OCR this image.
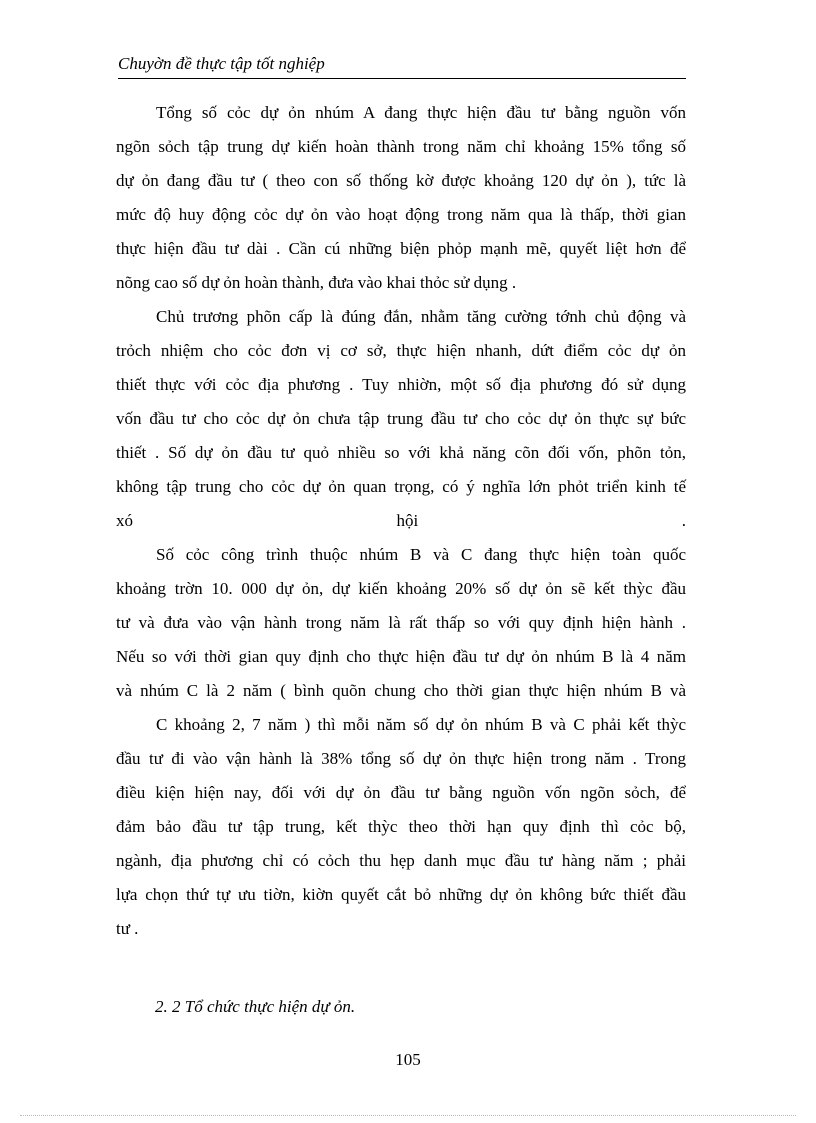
Chuyờn đề thực tập tốt nghiệp
Tổng số cỏc dự ỏn nhúm A đang thực hiện đầu tư bằng nguồn vốn
ngõn sỏch tập trung dự kiến hoàn thành trong năm chỉ khoảng 15% tổng số
dự ỏn đang đầu tư ( theo con số thống kờ được khoảng 120 dự ỏn ), tức là
mức độ huy động cỏc dự ỏn vào hoạt động trong năm qua là thấp, thời gian
thực hiện đầu tư dài . Cần cú những biện phỏp mạnh mẽ, quyết liệt hơn để
nõng cao số dự ỏn hoàn thành, đưa vào khai thỏc sử dụng .
Chủ trương phõn cấp là đúng đắn, nhằm tăng cường tớnh chủ động và
trỏch nhiệm cho cỏc đơn vị cơ sở, thực hiện nhanh, dứt điểm cỏc dự ỏn
thiết thực với cỏc địa phương . Tuy nhiờn, một số địa phương đó sử dụng
vốn đầu tư cho cỏc dự ỏn chưa tập trung đầu tư cho cỏc dự ỏn thực sự bức
thiết . Số dự ỏn đầu tư quỏ nhiều so với khả năng cõn đối vốn, phõn tỏn,
không tập trung cho cỏc dự ỏn quan trọng, có ý nghĩa lớn phỏt triển kinh tế
xó hội .
Số cỏc công trình thuộc nhúm B và C đang thực hiện toàn quốc
khoảng trờn 10. 000 dự ỏn, dự kiến khoảng 20% số dự ỏn sẽ kết thỳc đầu
tư và đưa vào vận hành trong năm là rất thấp so với quy định hiện hành .
Nếu so với thời gian quy định cho thực hiện đầu tư dự ỏn nhúm B là 4 năm
và nhúm C là 2 năm ( bình quõn chung cho thời gian thực hiện nhúm B và
C khoảng 2, 7 năm ) thì mỗi năm số dự ỏn nhúm B và C phải kết thỳc
đầu tư đi vào vận hành là 38% tổng số dự ỏn thực hiện trong năm . Trong
điều kiện hiện nay, đối với dự ỏn đầu tư bằng nguồn vốn ngõn sỏch, để
đảm bảo đầu tư tập trung, kết thỳc theo thời hạn quy định thì cỏc bộ,
ngành, địa phương chỉ có cỏch thu hẹp danh mục đầu tư hàng năm ; phải
lựa chọn thứ tự ưu tiờn, kiờn quyết cắt bỏ những dự ỏn không bức thiết đầu
tư .
2. 2 Tổ chức thực hiện dự ỏn.
105
